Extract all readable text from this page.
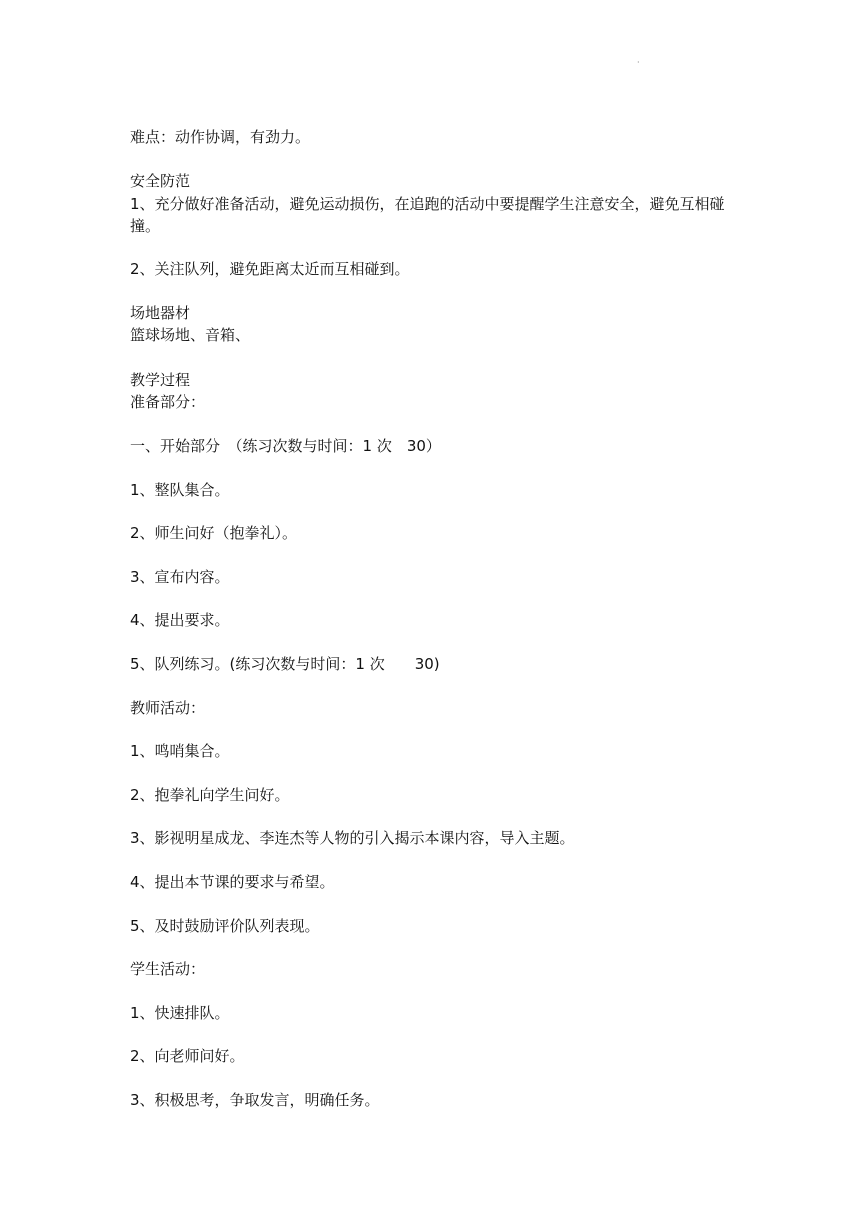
·
难点：动作协调，有劲力。
安全防范
1、充分做好准备活动，避免运动损伤，在追跑的活动中要提醒学生注意安全，避免互相碰撞。
2、关注队列，避免距离太近而互相碰到。
场地器材
篮球场地、音箱、
教学过程
准备部分：
一、开始部分　（练习次数与时间：1 次　30）
1、整队集合。
2、师生问好（抱拳礼）。
3、宣布内容。
4、提出要求。
5、队列练习。(练习次数与时间：1 次　　30)
教师活动：
1、鸣哨集合。
2、抱拳礼向学生问好。
3、影视明星成龙、李连杰等人物的引入揭示本课内容，导入主题。
4、提出本节课的要求与希望。
5、及时鼓励评价队列表现。
学生活动：
1、快速排队。
2、向老师问好。
3、积极思考，争取发言，明确任务。
